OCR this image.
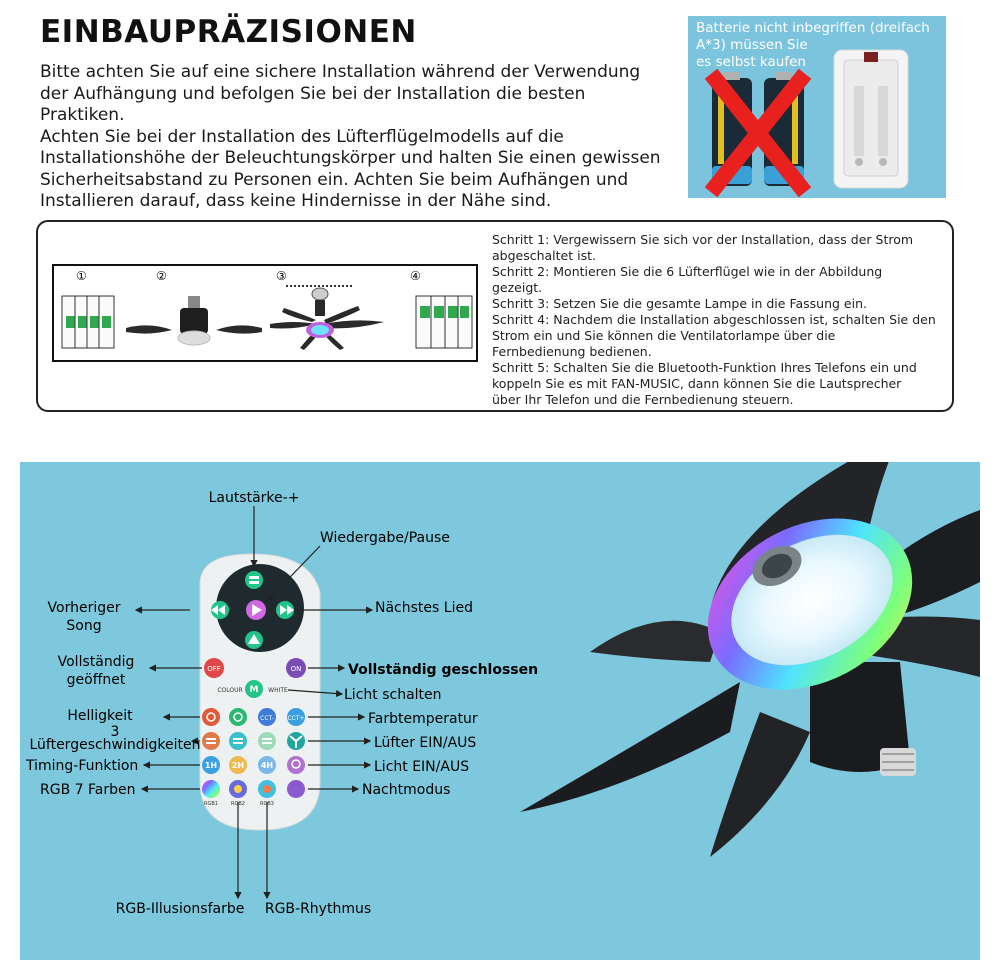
EINBAUPRÄZISIONEN
Bitte achten Sie auf eine sichere Installation während der Verwendung
der Aufhängung und befolgen Sie bei der Installation die besten
Praktiken.
Achten Sie bei der Installation des Lüfterflügelmodells auf die
Installationshöhe der Beleuchtungskörper und halten Sie einen gewissen
Sicherheitsabstand zu Personen ein. Achten Sie beim Aufhängen und
Installieren darauf, dass keine Hindernisse in der Nähe sind.
Batterie nicht inbegriffen (dreifach
A*3) müssen Sie
es selbst kaufen
①	②	③	④
Schritt 1: Vergewissern Sie sich vor der Installation, dass der Strom
abgeschaltet ist.
Schritt 2: Montieren Sie die 6 Lüfterflügel wie in der Abbildung
gezeigt.
Schritt 3: Setzen Sie die gesamte Lampe in die Fassung ein.
Schritt 4: Nachdem die Installation abgeschlossen ist, schalten Sie den
Strom ein und Sie können die Ventilatorlampe über die
Fernbedienung bedienen.
Schritt 5: Schalten Sie die Bluetooth-Funktion Ihres Telefons ein und
koppeln Sie es mit FAN-MUSIC, dann können Sie die Lautsprecher
über Ihr Telefon und die Fernbedienung steuern.
OFF	ON
COLOUR M WHITE
CCT- CCT+
1H 2H 4H
RGB1	RGB2	RGB3
Lautstärke-+
Wiedergabe/Pause
Vorheriger
Song
Nächstes Lied
Vollständig
geöffnet
Vollständig geschlossen
Licht schalten
Helligkeit
3
Lüftergeschwindigkeiten
Farbtemperatur
Lüfter EIN/AUS
Timing-Funktion	Licht EIN/AUS
RGB 7 Farben	Nachtmodus
RGB-Illusionsfarbe RGB-Rhythmus
